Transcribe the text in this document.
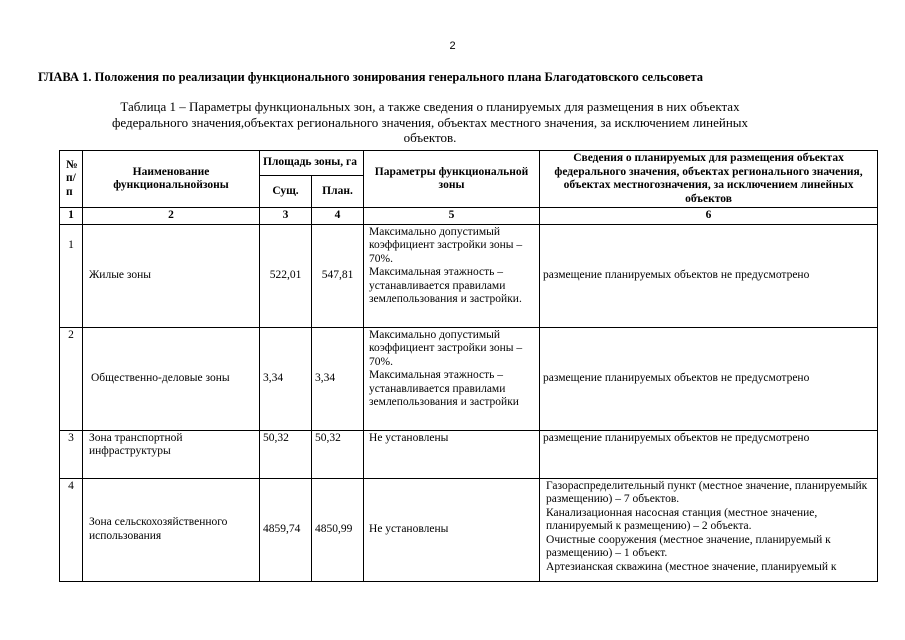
2
ГЛАВА 1. Положения по реализации функционального зонирования генерального плана Благодатовского сельсовета
Таблица 1 – Параметры функциональных зон, а также сведения о планируемых для размещения в них объектах
федерального значения,объектах регионального значения, объектах местного значения, за исключением линейных
объектов.
№ п/п	Наименование функциональнойзоны	Площадь зоны, га		Параметры функциональной зоны	Сведения о планируемых для размещения объектах федерального значения, объектах регионального значения, объектах местногозначения, за исключением линейных объектов
		Сущ.	План.		
1	2	3	4	5	6
1	Жилые зоны	522,01	547,81	Максимально допустимый коэффициент застройки зоны – 70%.
Максимальная этажность – устанавливается правилами землепользования и застройки.	размещение планируемых объектов не предусмотрено

2	Общественно-деловые зоны	3,34	3,34	Максимально допустимый коэффициент застройки зоны – 70%.
Максимальная этажность – устанавливается правилами землепользования и застройки	размещение планируемых объектов не предусмотрено

3	Зона транспортной инфраструктуры	50,32	50,32	Не установлены	размещение планируемых объектов не предусмотрено

4	Зона сельскохозяйственного использования	4859,74	4850,99	Не установлены	Газораспределительный пункт (местное значение, планируемыйк размещению) – 7 объектов.
Канализационная насосная станция (местное значение, планируемый к размещению) – 2 объекта.
Очистные сооружения (местное значение, планируемый к размещению) – 1 объект.
Артезианская скважина (местное значение, планируемый к
